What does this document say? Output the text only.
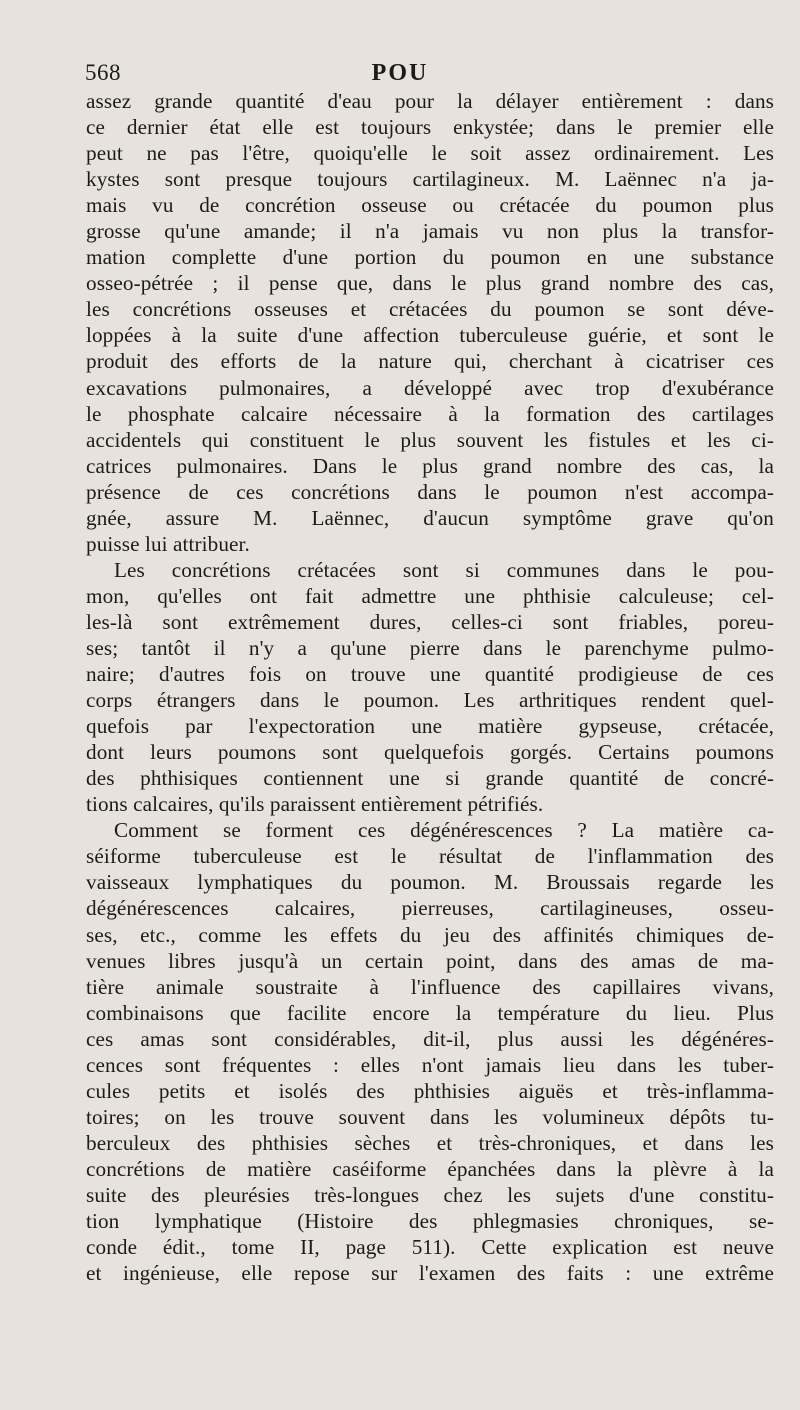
568	POU
assez grande quantité d'eau pour la délayer entièrement : dans
ce dernier état elle est toujours enkystée; dans le premier elle
peut ne pas l'être, quoiqu'elle le soit assez ordinairement. Les
kystes sont presque toujours cartilagineux. M. Laënnec n'a ja-
mais vu de concrétion osseuse ou crétacée du poumon plus
grosse qu'une amande; il n'a jamais vu non plus la transfor-
mation complette d'une portion du poumon en une substance
osseo-pétrée ; il pense que, dans le plus grand nombre des cas,
les concrétions osseuses et crétacées du poumon se sont déve-
loppées à la suite d'une affection tuberculeuse guérie, et sont le
produit des efforts de la nature qui, cherchant à cicatriser ces
excavations pulmonaires, a développé avec trop d'exubérance
le phosphate calcaire nécessaire à la formation des cartilages
accidentels qui constituent le plus souvent les fistules et les ci-
catrices pulmonaires. Dans le plus grand nombre des cas, la
présence de ces concrétions dans le poumon n'est accompa-
gnée, assure M. Laënnec, d'aucun symptôme grave qu'on
puisse lui attribuer.
Les concrétions crétacées sont si communes dans le pou-
mon, qu'elles ont fait admettre une phthisie calculeuse; cel-
les-là sont extrêmement dures, celles-ci sont friables, poreu-
ses; tantôt il n'y a qu'une pierre dans le parenchyme pulmo-
naire; d'autres fois on trouve une quantité prodigieuse de ces
corps étrangers dans le poumon. Les arthritiques rendent quel-
quefois par l'expectoration une matière gypseuse, crétacée,
dont leurs poumons sont quelquefois gorgés. Certains poumons
des phthisiques contiennent une si grande quantité de concré-
tions calcaires, qu'ils paraissent entièrement pétrifiés.
Comment se forment ces dégénérescences ? La matière ca-
séiforme tuberculeuse est le résultat de l'inflammation des
vaisseaux lymphatiques du poumon. M. Broussais regarde les
dégénérescences calcaires, pierreuses, cartilagineuses, osseu-
ses, etc., comme les effets du jeu des affinités chimiques de-
venues libres jusqu'à un certain point, dans des amas de ma-
tière animale soustraite à l'influence des capillaires vivans,
combinaisons que facilite encore la température du lieu. Plus
ces amas sont considérables, dit-il, plus aussi les dégénéres-
cences sont fréquentes : elles n'ont jamais lieu dans les tuber-
cules petits et isolés des phthisies aiguës et très-inflamma-
toires; on les trouve souvent dans les volumineux dépôts tu-
berculeux des phthisies sèches et très-chroniques, et dans les
concrétions de matière caséiforme épanchées dans la plèvre à la
suite des pleurésies très-longues chez les sujets d'une constitu-
tion lymphatique (Histoire des phlegmasies chroniques, se-
conde édit., tome II, page 511). Cette explication est neuve
et ingénieuse, elle repose sur l'examen des faits : une extrême
